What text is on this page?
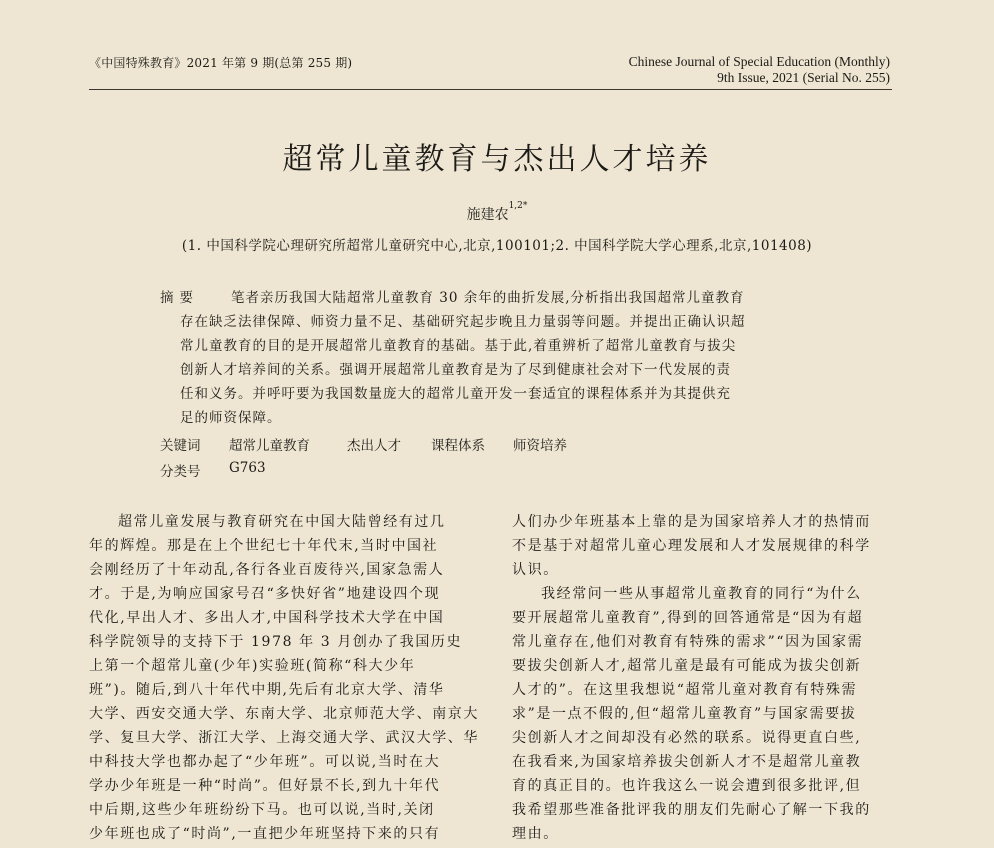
《中国特殊教育》2021 年第 9 期(总第 255 期)	Chinese Journal of Special Education (Monthly)
9th Issue, 2021 (Serial No. 255)
超常儿童教育与杰出人才培养
施建农$^{1,2*}$
(1. 中国科学院心理研究所超常儿童研究中心,北京,100101;2. 中国科学院大学心理系,北京,101408)
摘要 笔者亲历我国大陆超常儿童教育 30 余年的曲折发展,分析指出我国超常儿童教育
存在缺乏法律保障、师资力量不足、基础研究起步晚且力量弱等问题。并提出正确认识超
常儿童教育的目的是开展超常儿童教育的基础。基于此,着重辨析了超常儿童教育与拔尖
创新人才培养间的关系。强调开展超常儿童教育是为了尽到健康社会对下一代发展的责
任和义务。并呼吁要为我国数量庞大的超常儿童开发一套适宜的课程体系并为其提供充
足的师资保障。
关键词 超常儿童教育	杰出人才 课程体系 师资培养
分类号 G763
超常儿童发展与教育研究在中国大陆曾经有过几
年的辉煌。那是在上个世纪七十年代末,当时中国社
会刚经历了十年动乱,各行各业百废待兴,国家急需人
才。于是,为响应国家号召“多快好省”地建设四个现
代化,早出人才、多出人才,中国科学技术大学在中国
科学院领导的支持下于 1978 年 3 月创办了我国历史
上第一个超常儿童(少年)实验班(简称“科大少年
班”)。随后,到八十年代中期,先后有北京大学、清华
大学、西安交通大学、东南大学、北京师范大学、南京大
学、复旦大学、浙江大学、上海交通大学、武汉大学、华
中科技大学也都办起了“少年班”。可以说,当时在大
学办少年班是一种“时尚”。但好景不长,到九十年代
中后期,这些少年班纷纷下马。也可以说,当时,关闭
少年班也成了“时尚”,一直把少年班坚持下来的只有
人们办少年班基本上靠的是为国家培养人才的热情而
不是基于对超常儿童心理发展和人才发展规律的科学
认识。
我经常问一些从事超常儿童教育的同行“为什么
要开展超常儿童教育”,得到的回答通常是“因为有超
常儿童存在,他们对教育有特殊的需求”“因为国家需
要拔尖创新人才,超常儿童是最有可能成为拔尖创新
人才的”。在这里我想说“超常儿童对教育有特殊需
求”是一点不假的,但“超常儿童教育”与国家需要拔
尖创新人才之间却没有必然的联系。说得更直白些,
在我看来,为国家培养拔尖创新人才不是超常儿童教
育的真正目的。也许我这么一说会遭到很多批评,但
我希望那些准备批评我的朋友们先耐心了解一下我的
理由。
